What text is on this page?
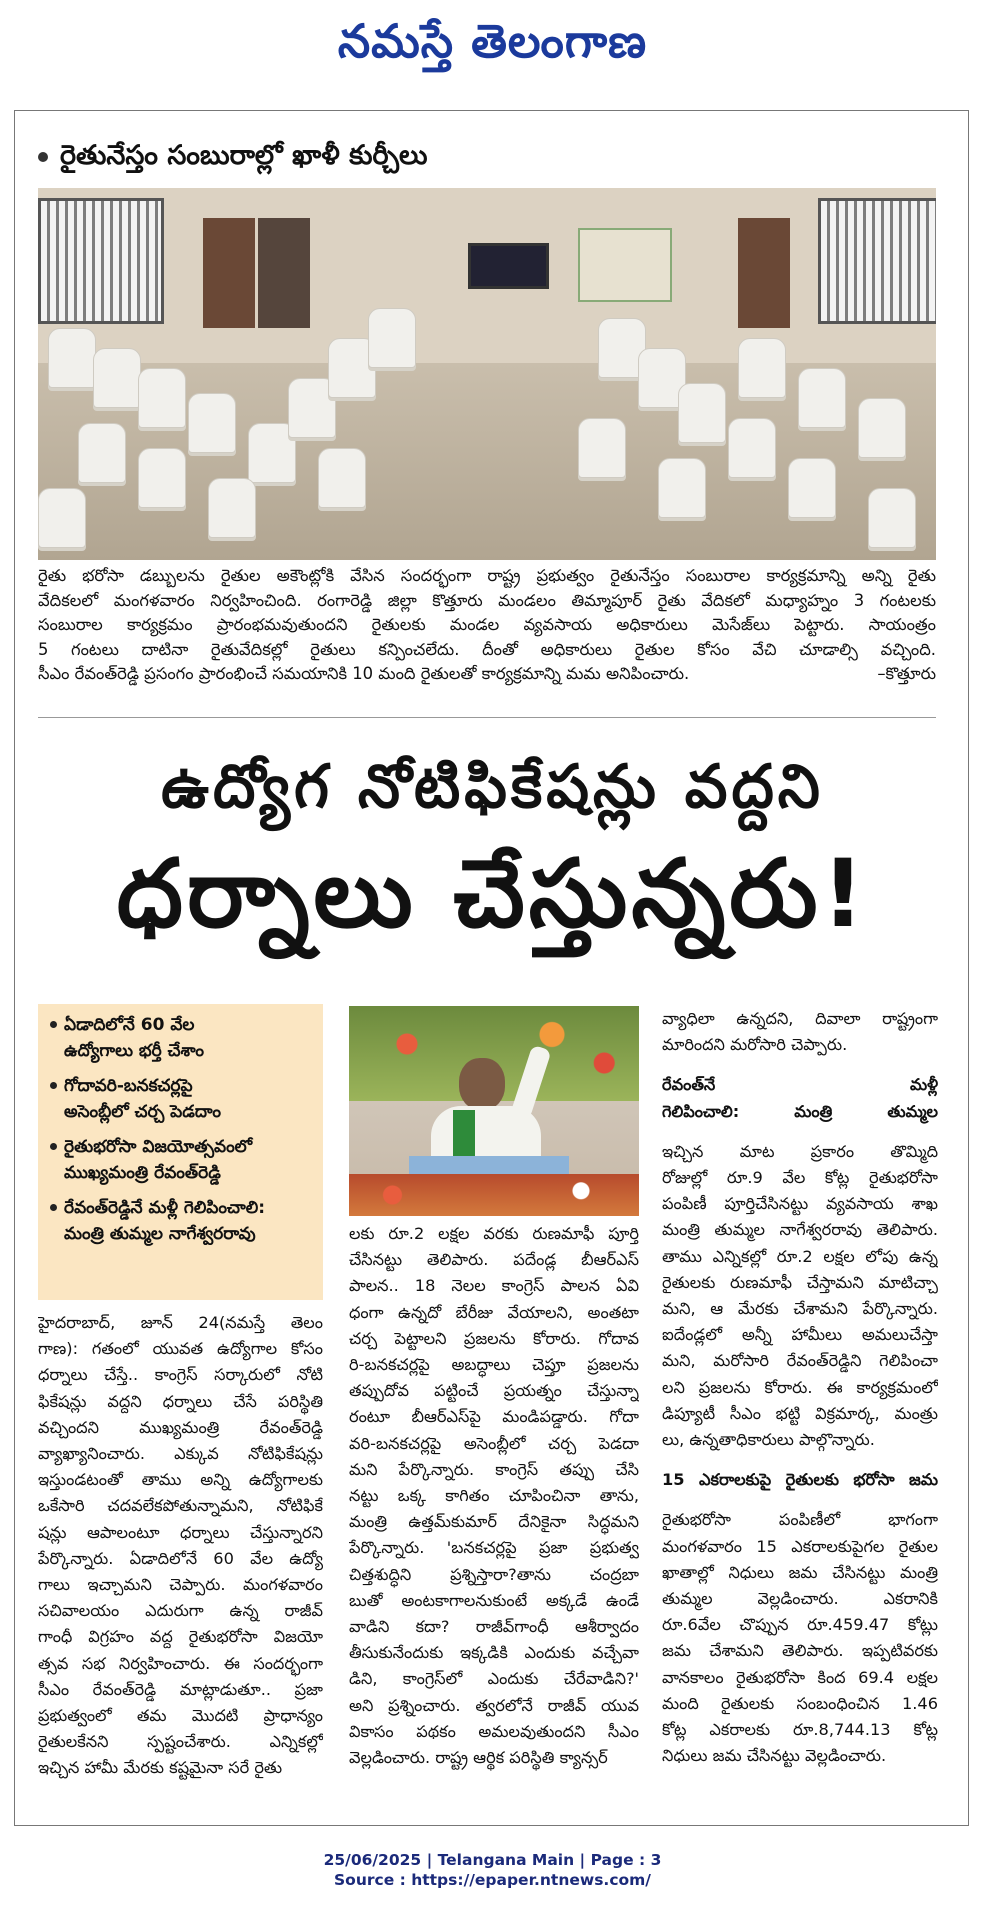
నమస్తే తెలంగాణ
రైతునేస్తం సంబురాల్లో ఖాళీ కుర్చీలు

రైతు భరోసా డబ్బులను రైతుల అకౌంట్లోకి వేసిన సందర్భంగా రాష్ట్ర ప్రభుత్వం రైతునేస్తం సంబురాల కార్యక్రమాన్ని అన్ని రైతు

వేదికలలో మంగళవారం నిర్వహించింది. రంగారెడ్డి జిల్లా కొత్తూరు మండలం తిమ్మాపూర్ రైతు వేదికలో మధ్యాహ్నం 3 గంటలకు

సంబురాల కార్యక్రమం ప్రారంభమవుతుందని రైతులకు మండల వ్యవసాయ అధికారులు మెసేజ్‌లు పెట్టారు. సాయంత్రం

5 గంటలు దాటినా రైతువేదికల్లో రైతులు కన్పించలేదు. దీంతో అధికారులు రైతుల కోసం వేచి చూడాల్సి వచ్చింది.

సీఎం రేవంత్‌రెడ్డి ప్రసంగం ప్రారంభించే సమయానికి 10 మంది రైతులతో కార్యక్రమాన్ని మమ అనిపించారు.	–కొత్తూరు

ఉద్యోగ నోటిఫికేషన్లు వద్దని
ధర్నాలు చేస్తున్నరు!
ఏడాదిలోనే 60 వేల
ఉద్యోగాలు భర్తీ చేశాం
గోదావరి-బనకచర్లపై
అసెంబ్లీలో చర్చ పెడదాం
రైతుభరోసా విజయోత్సవంలో
ముఖ్యమంత్రి రేవంత్‌రెడ్డి
రేవంత్‌రెడ్డినే మళ్లీ గెలిపించాలి:
మంత్రి తుమ్మల నాగేశ్వరరావు

హైదరాబాద్, జూన్ 24(నమస్తే తెలం

గాణ): గతంలో యువత ఉద్యోగాల కోసం

ధర్నాలు చేస్తే.. కాంగ్రెస్ సర్కారులో నోటి

ఫికేషన్లు వద్దని ధర్నాలు చేసే పరిస్థితి

వచ్చిందని ముఖ్యమంత్రి రేవంత్‌రెడ్డి

వ్యాఖ్యానించారు. ఎక్కువ నోటిఫికేషన్లు

ఇస్తుండటంతో తాము అన్ని ఉద్యోగాలకు

ఒకేసారి చదవలేకపోతున్నామని, నోటిఫికే

షన్లు ఆపాలంటూ ధర్నాలు చేస్తున్నారని

పేర్కొన్నారు. ఏడాదిలోనే 60 వేల ఉద్యో

గాలు ఇచ్చామని చెప్పారు. మంగళవారం

సచివాలయం ఎదురుగా ఉన్న రాజీవ్

గాంధీ విగ్రహం వద్ద రైతుభరోసా విజయో

త్సవ సభ నిర్వహించారు. ఈ సందర్భంగా

సీఎం రేవంత్‌రెడ్డి మాట్లాడుతూ.. ప్రజా

ప్రభుత్వంలో తమ మొదటి ప్రాధాన్యం

రైతులకేనని స్పష్టంచేశారు. ఎన్నికల్లో

ఇచ్చిన హామీ మేరకు కష్టమైనా సరే రైతు

లకు రూ.2 లక్షల వరకు రుణమాఫీ పూర్తి

చేసినట్టు తెలిపారు. పదేండ్ల బీఆర్‌ఎస్

పాలన.. 18 నెలల కాంగ్రెస్ పాలన ఏవి

ధంగా ఉన్నదో బేరీజు వేయాలని, అంతటా

చర్చ పెట్టాలని ప్రజలను కోరారు. గోదావ

రి-బనకచర్లపై అబద్ధాలు చెప్తూ ప్రజలను

తప్పుదోవ పట్టించే ప్రయత్నం చేస్తున్నా

రంటూ బీఆర్‌ఎస్‌పై మండిపడ్డారు. గోదా

వరి-బనకచర్లపై అసెంబ్లీలో చర్చ పెడదా

మని పేర్కొన్నారు. కాంగ్రెస్ తప్పు చేసి

నట్టు ఒక్క కాగితం చూపించినా తాను,

మంత్రి ఉత్తమ్‌కుమార్ దేనికైనా సిద్ధమని

పేర్కొన్నారు. 'బనకచర్లపై ప్రజా ప్రభుత్వ

చిత్తశుద్ధిని ప్రశ్నిస్తారా?తాను చంద్రబా

బుతో అంటకాగాలనుకుంటే అక్కడే ఉండే

వాడిని కదా? రాజీవ్‌గాంధీ ఆశీర్వాదం

తీసుకునేందుకు ఇక్కడికి ఎందుకు వచ్చేవా

డిని, కాంగ్రెస్‌లో ఎందుకు చేరేవాడిని?'

అని ప్రశ్నించారు. త్వరలోనే రాజీవ్ యువ

వికాసం పథకం అమలవుతుందని సీఎం

వెల్లడించారు. రాష్ట్ర ఆర్థిక పరిస్థితి క్యాన్సర్

వ్యాధిలా ఉన్నదని, దివాలా రాష్ట్రంగా

మారిందని మరోసారి చెప్పారు.

రేవంత్‌నే మళ్లీ

గెలిపించాలి: మంత్రి తుమ్మల

ఇచ్చిన మాట ప్రకారం తొమ్మిది

రోజుల్లో రూ.9 వేల కోట్ల రైతుభరోసా

పంపిణీ పూర్తిచేసినట్టు వ్యవసాయ శాఖ

మంత్రి తుమ్మల నాగేశ్వరరావు తెలిపారు.

తాము ఎన్నికల్లో రూ.2 లక్షల లోపు ఉన్న

రైతులకు రుణమాఫీ చేస్తామని మాటిచ్చా

మని, ఆ మేరకు చేశామని పేర్కొన్నారు.

ఐదేండ్లలో అన్నీ హామీలు అమలుచేస్తా

మని, మరోసారి రేవంత్‌రెడ్డిని గెలిపించా

లని ప్రజలను కోరారు. ఈ కార్యక్రమంలో

డిప్యూటీ సీఎం భట్టి విక్రమార్క, మంత్రు

లు, ఉన్నతాధికారులు పాల్గొన్నారు.

15 ఎకరాలకుపై రైతులకు భరోసా జమ

రైతుభరోసా పంపిణీలో భాగంగా

మంగళవారం 15 ఎకరాలకుపైగల రైతుల

ఖాతాల్లో నిధులు జమ చేసినట్టు మంత్రి

తుమ్మల వెల్లడించారు. ఎకరానికి

రూ.6వేల చొప్పున రూ.459.47 కోట్లు

జమ చేశామని తెలిపారు. ఇప్పటివరకు

వానకాలం రైతుభరోసా కింద 69.4 లక్షల

మంది రైతులకు సంబంధించిన 1.46

కోట్ల ఎకరాలకు రూ.8,744.13 కోట్ల

నిధులు జమ చేసినట్టు వెల్లడించారు.

25/06/2025 | Telangana Main | Page : 3
Source : https://epaper.ntnews.com/
